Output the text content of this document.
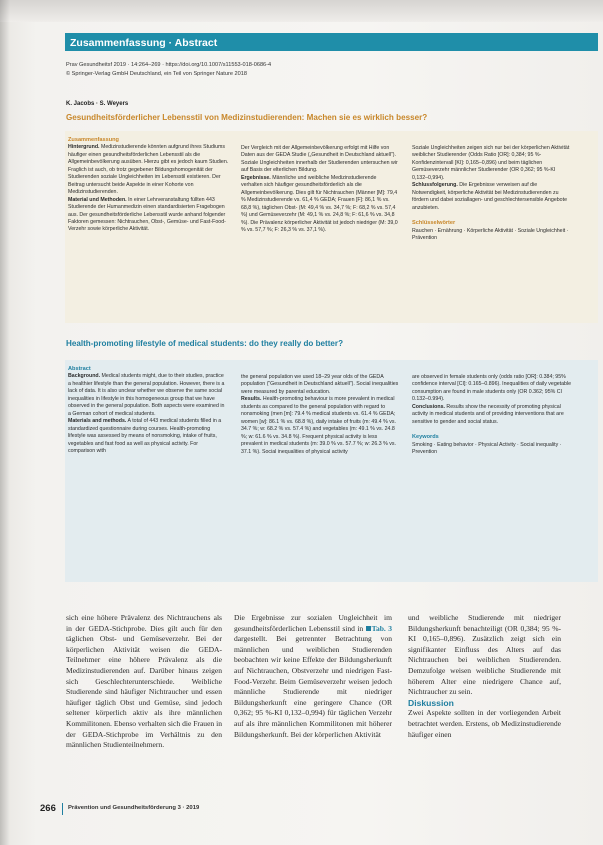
Zusammenfassung · Abstract
Prav Gesundheitsf 2019 · 14:264–269 · https://doi.org/10.1007/s11553-018-0686-4
© Springer-Verlag GmbH Deutschland, ein Teil von Springer Nature 2018
K. Jacobs · S. Weyers
Gesundheitsförderlicher Lebensstil von Medizinstudierenden: Machen sie es wirklich besser?

Zusammenfassung

Hintergrund. Medizinstudierende könnten aufgrund ihres Studiums häufiger einen gesundheitsförderlichen Lebensstil als die Allgemeinbevölkerung ausüben. Hierzu gibt es jedoch kaum Studien. Fraglich ist auch, ob trotz gegebener Bildungshomogenität der Studierenden soziale Ungleichheiten im Lebensstil existieren. Der Beitrag untersucht beide Aspekte in einer Kohorte von Medizinstudierenden.

Material und Methoden. In einer Lehrveranstaltung füllten 443 Studierende der Humanmedizin einen standardisierten Fragebogen aus. Der gesundheitsförderliche Lebensstil wurde anhand folgender Faktoren gemessen: Nichtrauchen, Obst-, Gemüse- und Fast-Food-Verzehr sowie körperliche Aktivität.

Der Vergleich mit der Allgemeinbevölkerung erfolgt mit Hilfe von Daten aus der GEDA Studie („Gesundheit in Deutschland aktuell“). Soziale Ungleichheiten innerhalb der Studierenden untersuchen wir auf Basis der elterlichen Bildung.

Ergebnisse. Männliche und weibliche Medizinstudierende verhalten sich häufiger gesundheitsförderlich als die Allgemeinbevölkerung. Dies gilt für Nichtrauchen (Männer [M]: 79,4 % Medizinstudierende vs. 61,4 % GEDA; Frauen [F]: 86,1 % vs. 68,8 %), täglichen Obst- (M: 49,4 % vs. 34,7 %; F: 68,2 % vs. 57,4 %) und Gemüseverzehr (M: 49,1 % vs. 24,8 %; F: 61,6 % vs. 34,8 %). Die Prävalenz körperlicher Aktivität ist jedoch niedriger (M: 39,0 % vs. 57,7 %; F: 26,3 % vs. 37,1 %).

Soziale Ungleichheiten zeigen sich nur bei der körperlichen Aktivität weiblicher Studierender (Odds Ratio [OR]: 0,384; 95 %-Konfidenzintervall [KI]: 0,165–0,896) und beim täglichen Gemüseverzehr männlicher Studierender (OR 0,362; 95 %-KI 0,132–0,994).

Schlussfolgerung. Die Ergebnisse verweisen auf die Notwendigkeit, körperliche Aktivität bei Medizinstudierenden zu fördern und dabei soziallagen- und geschlechtersensible Angebote anzubieten.

Schlüsselwörter

Rauchen · Ernährung · Körperliche Aktivität · Soziale Ungleichheit · Prävention

Health-promoting lifestyle of medical students: do they really do better?

Abstract

Background. Medical students might, due to their studies, practice a healthier lifestyle than the general population. However, there is a lack of data. It is also unclear whether we observe the same social inequalities in lifestyle in this homogeneous group that we have observed in the general population. Both aspects were examined in a German cohort of medical students.

Materials and methods. A total of 443 medical students filled in a standardized questionnaire during courses. Health-promoting lifestyle was assessed by means of nonsmoking, intake of fruits, vegetables and fast food as well as physical activity. For comparison with

the general population we used 18–29 year olds of the GEDA population (“Gesundheit in Deutschland aktuell”). Social inequalities were measured by parental education.

Results. Health-promoting behaviour is more prevalent in medical students as compared to the general population with regard to nonsmoking (men [m]: 79.4 % medical students vs. 61.4 % GEDA; women [w]: 86.1 % vs. 68.8 %), daily intake of fruits (m: 49.4 % vs. 34.7 %; w: 68.2 % vs. 57.4 %) and vegetables (m: 49.1 % vs. 24.8 %; w: 61.6 % vs. 34.8 %). Frequent physical activity is less prevalent in medical students (m: 39.0 % vs. 57.7 %; w: 26.3 % vs. 37.1 %). Social inequalities of physical activity

are observed in female students only (odds ratio [OR]: 0.384; 95% confidence interval [CI]: 0.165–0.896). Inequalities of daily vegetable consumption are found in male students only (OR 0.362; 95% CI 0.132–0.994).

Conclusions. Results show the necessity of promoting physical activity in medical students and of providing interventions that are sensitive to gender and social status.

Keywords

Smoking · Eating behavior · Physical Activity · Social inequality · Prevention

sich eine höhere Prävalenz des Nichtrauchens als in der GEDA-Stichprobe. Dies gilt auch für den täglichen Obst- und Gemüseverzehr. Bei der körperlichen Aktivität weisen die GEDA-Teilnehmer eine höhere Prävalenz als die Medizinstudierenden auf. Darüber hinaus zeigen sich Geschlechterunterschiede. Weibliche Studierende sind häufiger Nichtraucher und essen häufiger täglich Obst und Gemüse, sind jedoch seltener körperlich aktiv als ihre männlichen Kommilitonen. Ebenso verhalten sich die Frauen in der GEDA-Stichprobe im Verhältnis zu den männlichen Studienteilnehmern.

Die Ergebnisse zur sozialen Ungleichheit im gesundheitsförderlichen Lebensstil sind in Tab. 3 dargestellt. Bei getrennter Betrachtung von männlichen und weiblichen Studierenden beobachten wir keine Effekte der Bildungsherkunft auf Nichtrauchen, Obstverzehr und niedrigen Fast-Food-Verzehr. Beim Gemüseverzehr weisen jedoch männliche Studierende mit niedriger Bildungsherkunft eine geringere Chance (OR 0,362; 95 %-KI 0,132–0,994) für täglichen Verzehr auf als ihre männlichen Kommilitonen mit höherer Bildungsherkunft. Bei der körperlichen Aktivität

und weibliche Studierende mit niedriger Bildungsherkunft benachteiligt (OR 0,384; 95 %-KI 0,165–0,896). Zusätzlich zeigt sich ein signifikanter Einfluss des Alters auf das Nichtrauchen bei weiblichen Studierenden. Demzufolge weisen weibliche Studierende mit höherem Alter eine niedrigere Chance auf, Nichtraucher zu sein.

Diskussion

Zwei Aspekte sollten in der vorliegenden Arbeit betrachtet werden. Erstens, ob Medizinstudierende häufiger einen

266 Prävention und Gesundheitsförderung 3 · 2019
